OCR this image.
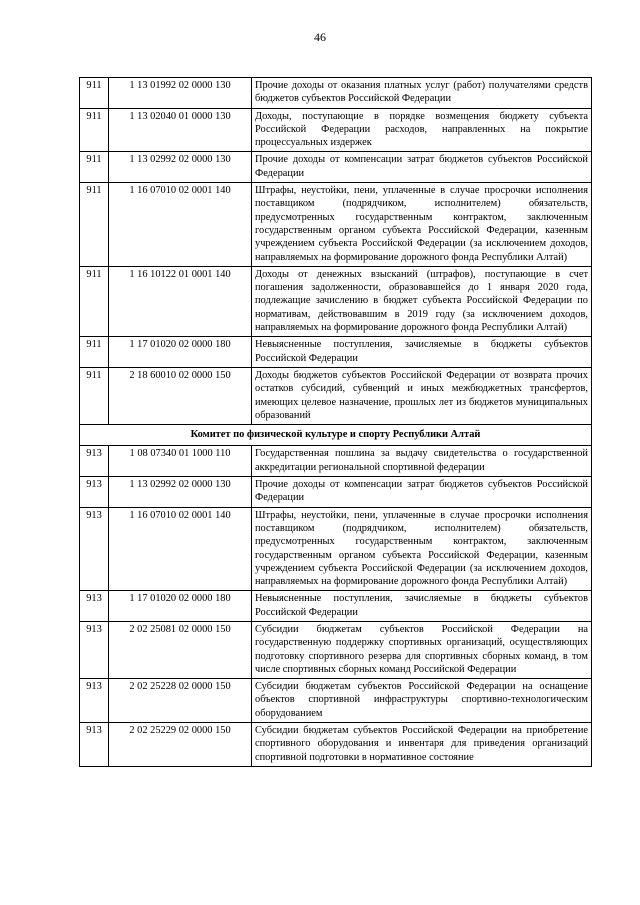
46
911	1 13 01992 02 0000 130	Прочие доходы от оказания платных услуг (работ) получателями средств бюджетов субъектов Российской Федерации
911	1 13 02040 01 0000 130	Доходы, поступающие в порядке возмещения бюджету субъекта Российской Федерации расходов, направленных на покрытие процессуальных издержек
911	1 13 02992 02 0000 130	Прочие доходы от компенсации затрат бюджетов субъектов Российской Федерации
911	1 16 07010 02 0001 140	Штрафы, неустойки, пени, уплаченные в случае просрочки исполнения поставщиком (подрядчиком, исполнителем) обязательств, предусмотренных государственным контрактом, заключенным государственным органом субъекта Российской Федерации, казенным учреждением субъекта Российской Федерации (за исключением доходов, направляемых на формирование дорожного фонда Республики Алтай)
911	1 16 10122 01 0001 140	Доходы от денежных взысканий (штрафов), поступающие в счет погашения задолженности, образовавшейся до 1 января 2020 года, подлежащие зачислению в бюджет субъекта Российской Федерации по нормативам, действовавшим в 2019 году (за исключением доходов, направляемых на формирование дорожного фонда Республики Алтай)
911	1 17 01020 02 0000 180	Невыясненные поступления, зачисляемые в бюджеты субъектов Российской Федерации
911	2 18 60010 02 0000 150	Доходы бюджетов субъектов Российской Федерации от возврата прочих остатков субсидий, субвенций и иных межбюджетных трансфертов, имеющих целевое назначение, прошлых лет из бюджетов муниципальных образований
Комитет по физической культуре и спорту Республики Алтай		
913	1 08 07340 01 1000 110	Государственная пошлина за выдачу свидетельства о государственной аккредитации региональной спортивной федерации
913	1 13 02992 02 0000 130	Прочие доходы от компенсации затрат бюджетов субъектов Российской Федерации
913	1 16 07010 02 0001 140	Штрафы, неустойки, пени, уплаченные в случае просрочки исполнения поставщиком (подрядчиком, исполнителем) обязательств, предусмотренных государственным контрактом, заключенным государственным органом субъекта Российской Федерации, казенным учреждением субъекта Российской Федерации (за исключением доходов, направляемых на формирование дорожного фонда Республики Алтай)
913	1 17 01020 02 0000 180	Невыясненные поступления, зачисляемые в бюджеты субъектов Российской Федерации
913	2 02 25081 02 0000 150	Субсидии бюджетам субъектов Российской Федерации на государственную поддержку спортивных организаций, осуществляющих подготовку спортивного резерва для спортивных сборных команд, в том числе спортивных сборных команд Российской Федерации
913	2 02 25228 02 0000 150	Субсидии бюджетам субъектов Российской Федерации на оснащение объектов спортивной инфраструктуры спортивно-технологическим оборудованием
913	2 02 25229 02 0000 150	Субсидии бюджетам субъектов Российской Федерации на приобретение спортивного оборудования и инвентаря для приведения организаций спортивной подготовки в нормативное состояние
